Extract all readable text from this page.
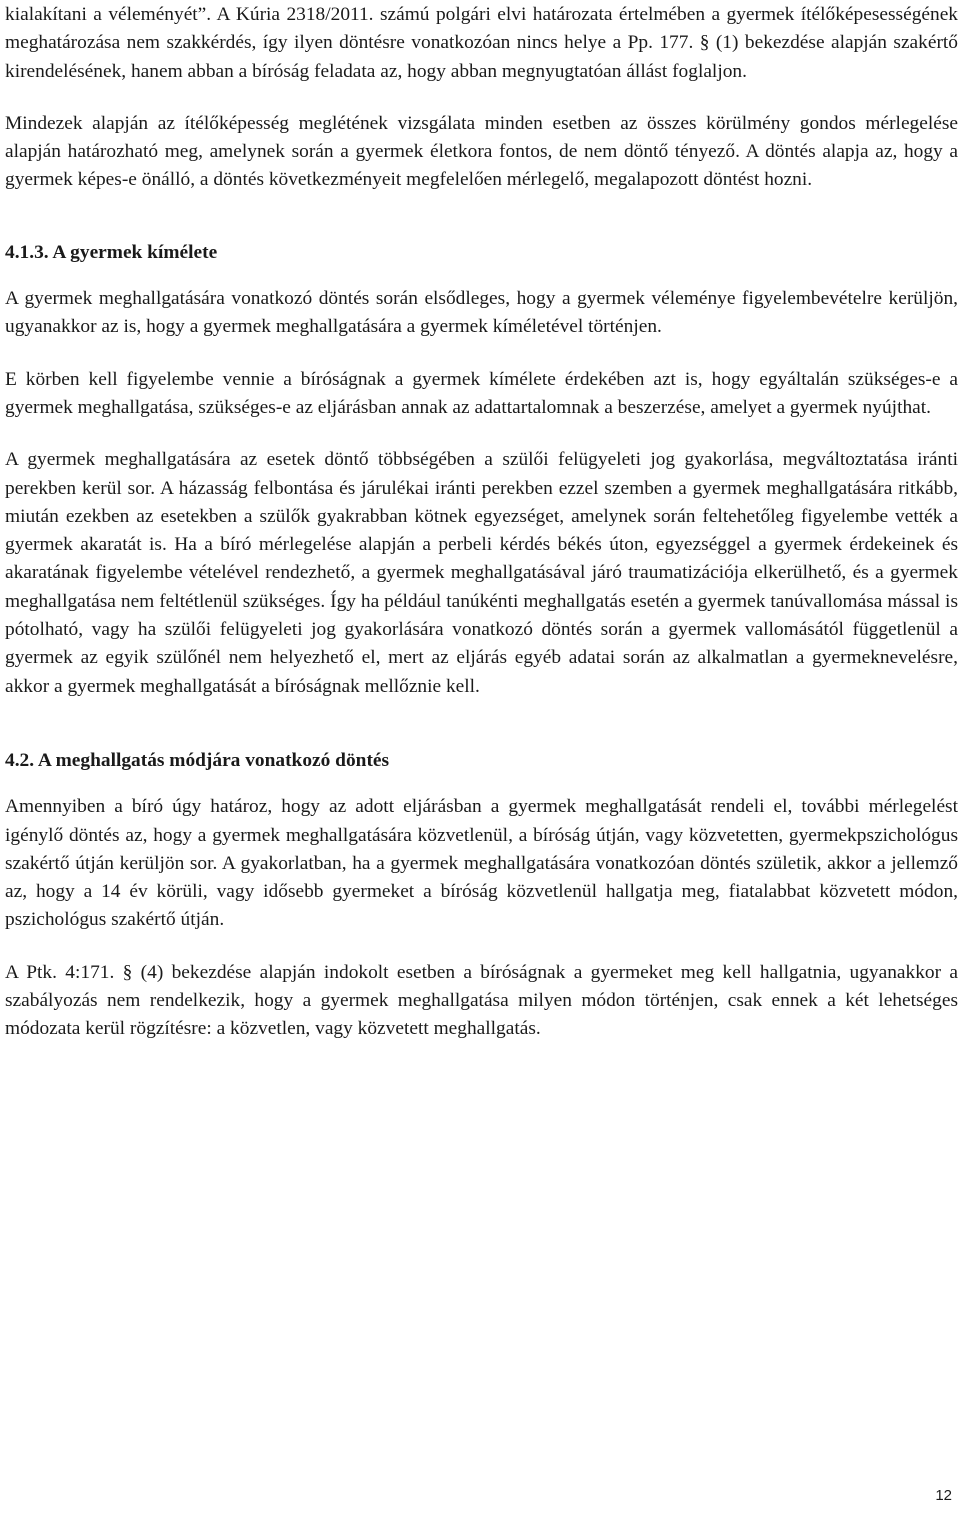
kialakítani a véleményét”. A Kúria 2318/2011. számú polgári elvi határozata értelmében a gyermek ítélőképesességének meghatározása nem szakkérdés, így ilyen döntésre vonatkozóan nincs helye a Pp. 177. § (1) bekezdése alapján szakértő kirendelésének, hanem abban a bíróság feladata az, hogy abban megnyugtatóan állást foglaljon.

Mindezek alapján az ítélőképesség meglétének vizsgálata minden esetben az összes körülmény gondos mérlegelése alapján határozható meg, amelynek során a gyermek életkora fontos, de nem döntő tényező. A döntés alapja az, hogy a gyermek képes-e önálló, a döntés következményeit megfelelően mérlegelő, megalapozott döntést hozni.

4.1.3. A gyermek kímélete

A gyermek meghallgatására vonatkozó döntés során elsődleges, hogy a gyermek véleménye figyelembevételre kerüljön, ugyanakkor az is, hogy a gyermek meghallgatására a gyermek kíméletével történjen.

E körben kell figyelembe vennie a bíróságnak a gyermek kímélete érdekében azt is, hogy egyáltalán szükséges-e a gyermek meghallgatása, szükséges-e az eljárásban annak az adattartalomnak a beszerzése, amelyet a gyermek nyújthat.

A gyermek meghallgatására az esetek döntő többségében a szülői felügyeleti jog gyakorlása, megváltoztatása iránti perekben kerül sor. A házasság felbontása és járulékai iránti perekben ezzel szemben a gyermek meghallgatására ritkább, miután ezekben az esetekben a szülők gyakrabban kötnek egyezséget, amelynek során feltehetőleg figyelembe vették a gyermek akaratát is. Ha a bíró mérlegelése alapján a perbeli kérdés békés úton, egyezséggel a gyermek érdekeinek és akaratának figyelembe vételével rendezhető, a gyermek meghallgatásával járó traumatizációja elkerülhető, és a gyermek meghallgatása nem feltétlenül szükséges. Így ha például tanúkénti meghallgatás esetén a gyermek tanúvallomása mással is pótolható, vagy ha szülői felügyeleti jog gyakorlására vonatkozó döntés során a gyermek vallomásától függetlenül a gyermek az egyik szülőnél nem helyezhető el, mert az eljárás egyéb adatai során az alkalmatlan a gyermeknevelésre, akkor a gyermek meghallgatását a bíróságnak mellőznie kell.

4.2. A meghallgatás módjára vonatkozó döntés

Amennyiben a bíró úgy határoz, hogy az adott eljárásban a gyermek meghallgatását rendeli el, további mérlegelést igénylő döntés az, hogy a gyermek meghallgatására közvetlenül, a bíróság útján, vagy közvetetten, gyermekpszichológus szakértő útján kerüljön sor. A gyakorlatban, ha a gyermek meghallgatására vonatkozóan döntés születik, akkor a jellemző az, hogy a 14 év körüli, vagy idősebb gyermeket a bíróság közvetlenül hallgatja meg, fiatalabbat közvetett módon, pszichológus szakértő útján.

A Ptk. 4:171. § (4) bekezdése alapján indokolt esetben a bíróságnak a gyermeket meg kell hallgatnia, ugyanakkor a szabályozás nem rendelkezik, hogy a gyermek meghallgatása milyen módon történjen, csak ennek a két lehetséges módozata kerül rögzítésre: a közvetlen, vagy közvetett meghallgatás.

12
